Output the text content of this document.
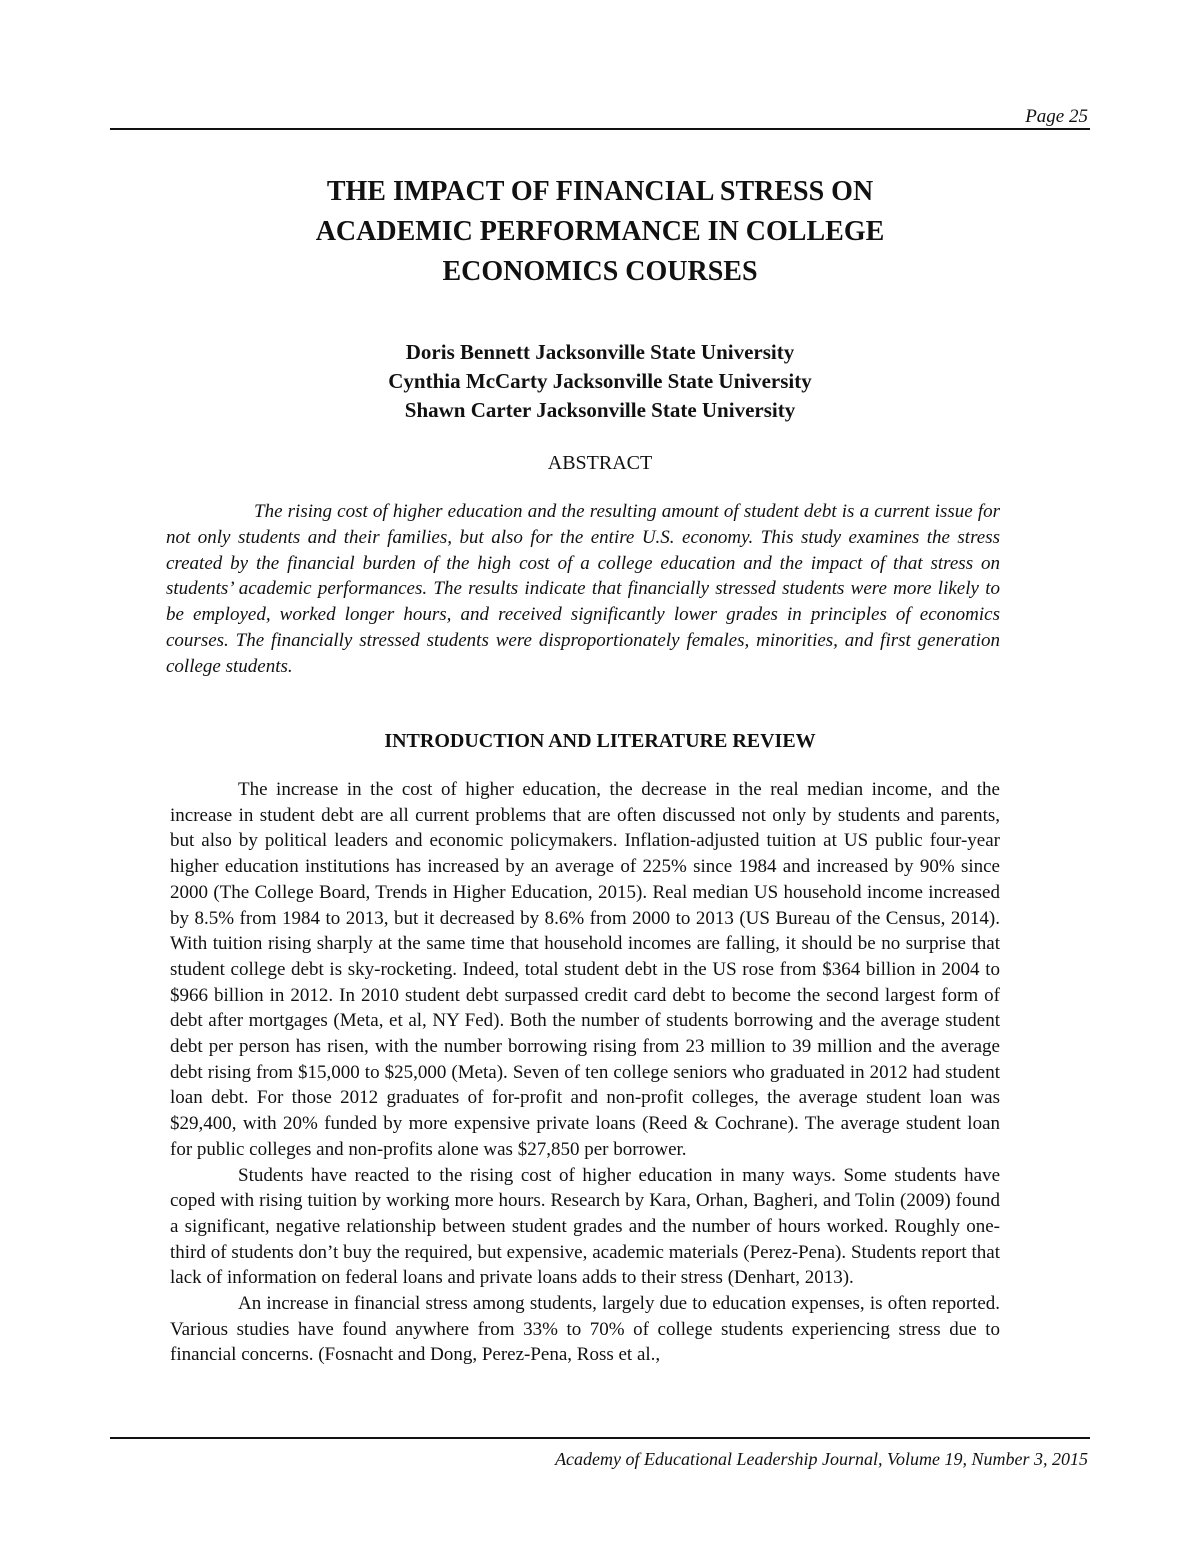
Page 25
THE IMPACT OF FINANCIAL STRESS ON
ACADEMIC PERFORMANCE IN COLLEGE
ECONOMICS COURSES
Doris Bennett Jacksonville State University
Cynthia McCarty Jacksonville State University
Shawn Carter Jacksonville State University
ABSTRACT

The rising cost of higher education and the resulting amount of student debt is a current issue for not only students and their families, but also for the entire U.S. economy. This study examines the stress created by the financial burden of the high cost of a college education and the impact of that stress on students’ academic performances. The results indicate that financially stressed students were more likely to be employed, worked longer hours, and received significantly lower grades in principles of economics courses. The financially stressed students were disproportionately females, minorities, and first generation college students.

INTRODUCTION AND LITERATURE REVIEW

The increase in the cost of higher education, the decrease in the real median income, and the increase in student debt are all current problems that are often discussed not only by students and parents, but also by political leaders and economic policymakers. Inflation-adjusted tuition at US public four-year higher education institutions has increased by an average of 225% since 1984 and increased by 90% since 2000 (The College Board, Trends in Higher Education, 2015). Real median US household income increased by 8.5% from 1984 to 2013, but it decreased by 8.6% from 2000 to 2013 (US Bureau of the Census, 2014). With tuition rising sharply at the same time that household incomes are falling, it should be no surprise that student college debt is sky-rocketing. Indeed, total student debt in the US rose from $364 billion in 2004 to $966 billion in 2012. In 2010 student debt surpassed credit card debt to become the second largest form of debt after mortgages (Meta, et al, NY Fed). Both the number of students borrowing and the average student debt per person has risen, with the number borrowing rising from 23 million to 39 million and the average debt rising from $15,000 to $25,000 (Meta). Seven of ten college seniors who graduated in 2012 had student loan debt. For those 2012 graduates of for-profit and non-profit colleges, the average student loan was $29,400, with 20% funded by more expensive private loans (Reed & Cochrane). The average student loan for public colleges and non-profits alone was $27,850 per borrower.

Students have reacted to the rising cost of higher education in many ways. Some students have coped with rising tuition by working more hours. Research by Kara, Orhan, Bagheri, and Tolin (2009) found a significant, negative relationship between student grades and the number of hours worked. Roughly one-third of students don’t buy the required, but expensive, academic materials (Perez-Pena). Students report that lack of information on federal loans and private loans adds to their stress (Denhart, 2013).

An increase in financial stress among students, largely due to education expenses, is often reported. Various studies have found anywhere from 33% to 70% of college students experiencing stress due to financial concerns. (Fosnacht and Dong, Perez-Pena, Ross et al.,

Academy of Educational Leadership Journal, Volume 19, Number 3, 2015
